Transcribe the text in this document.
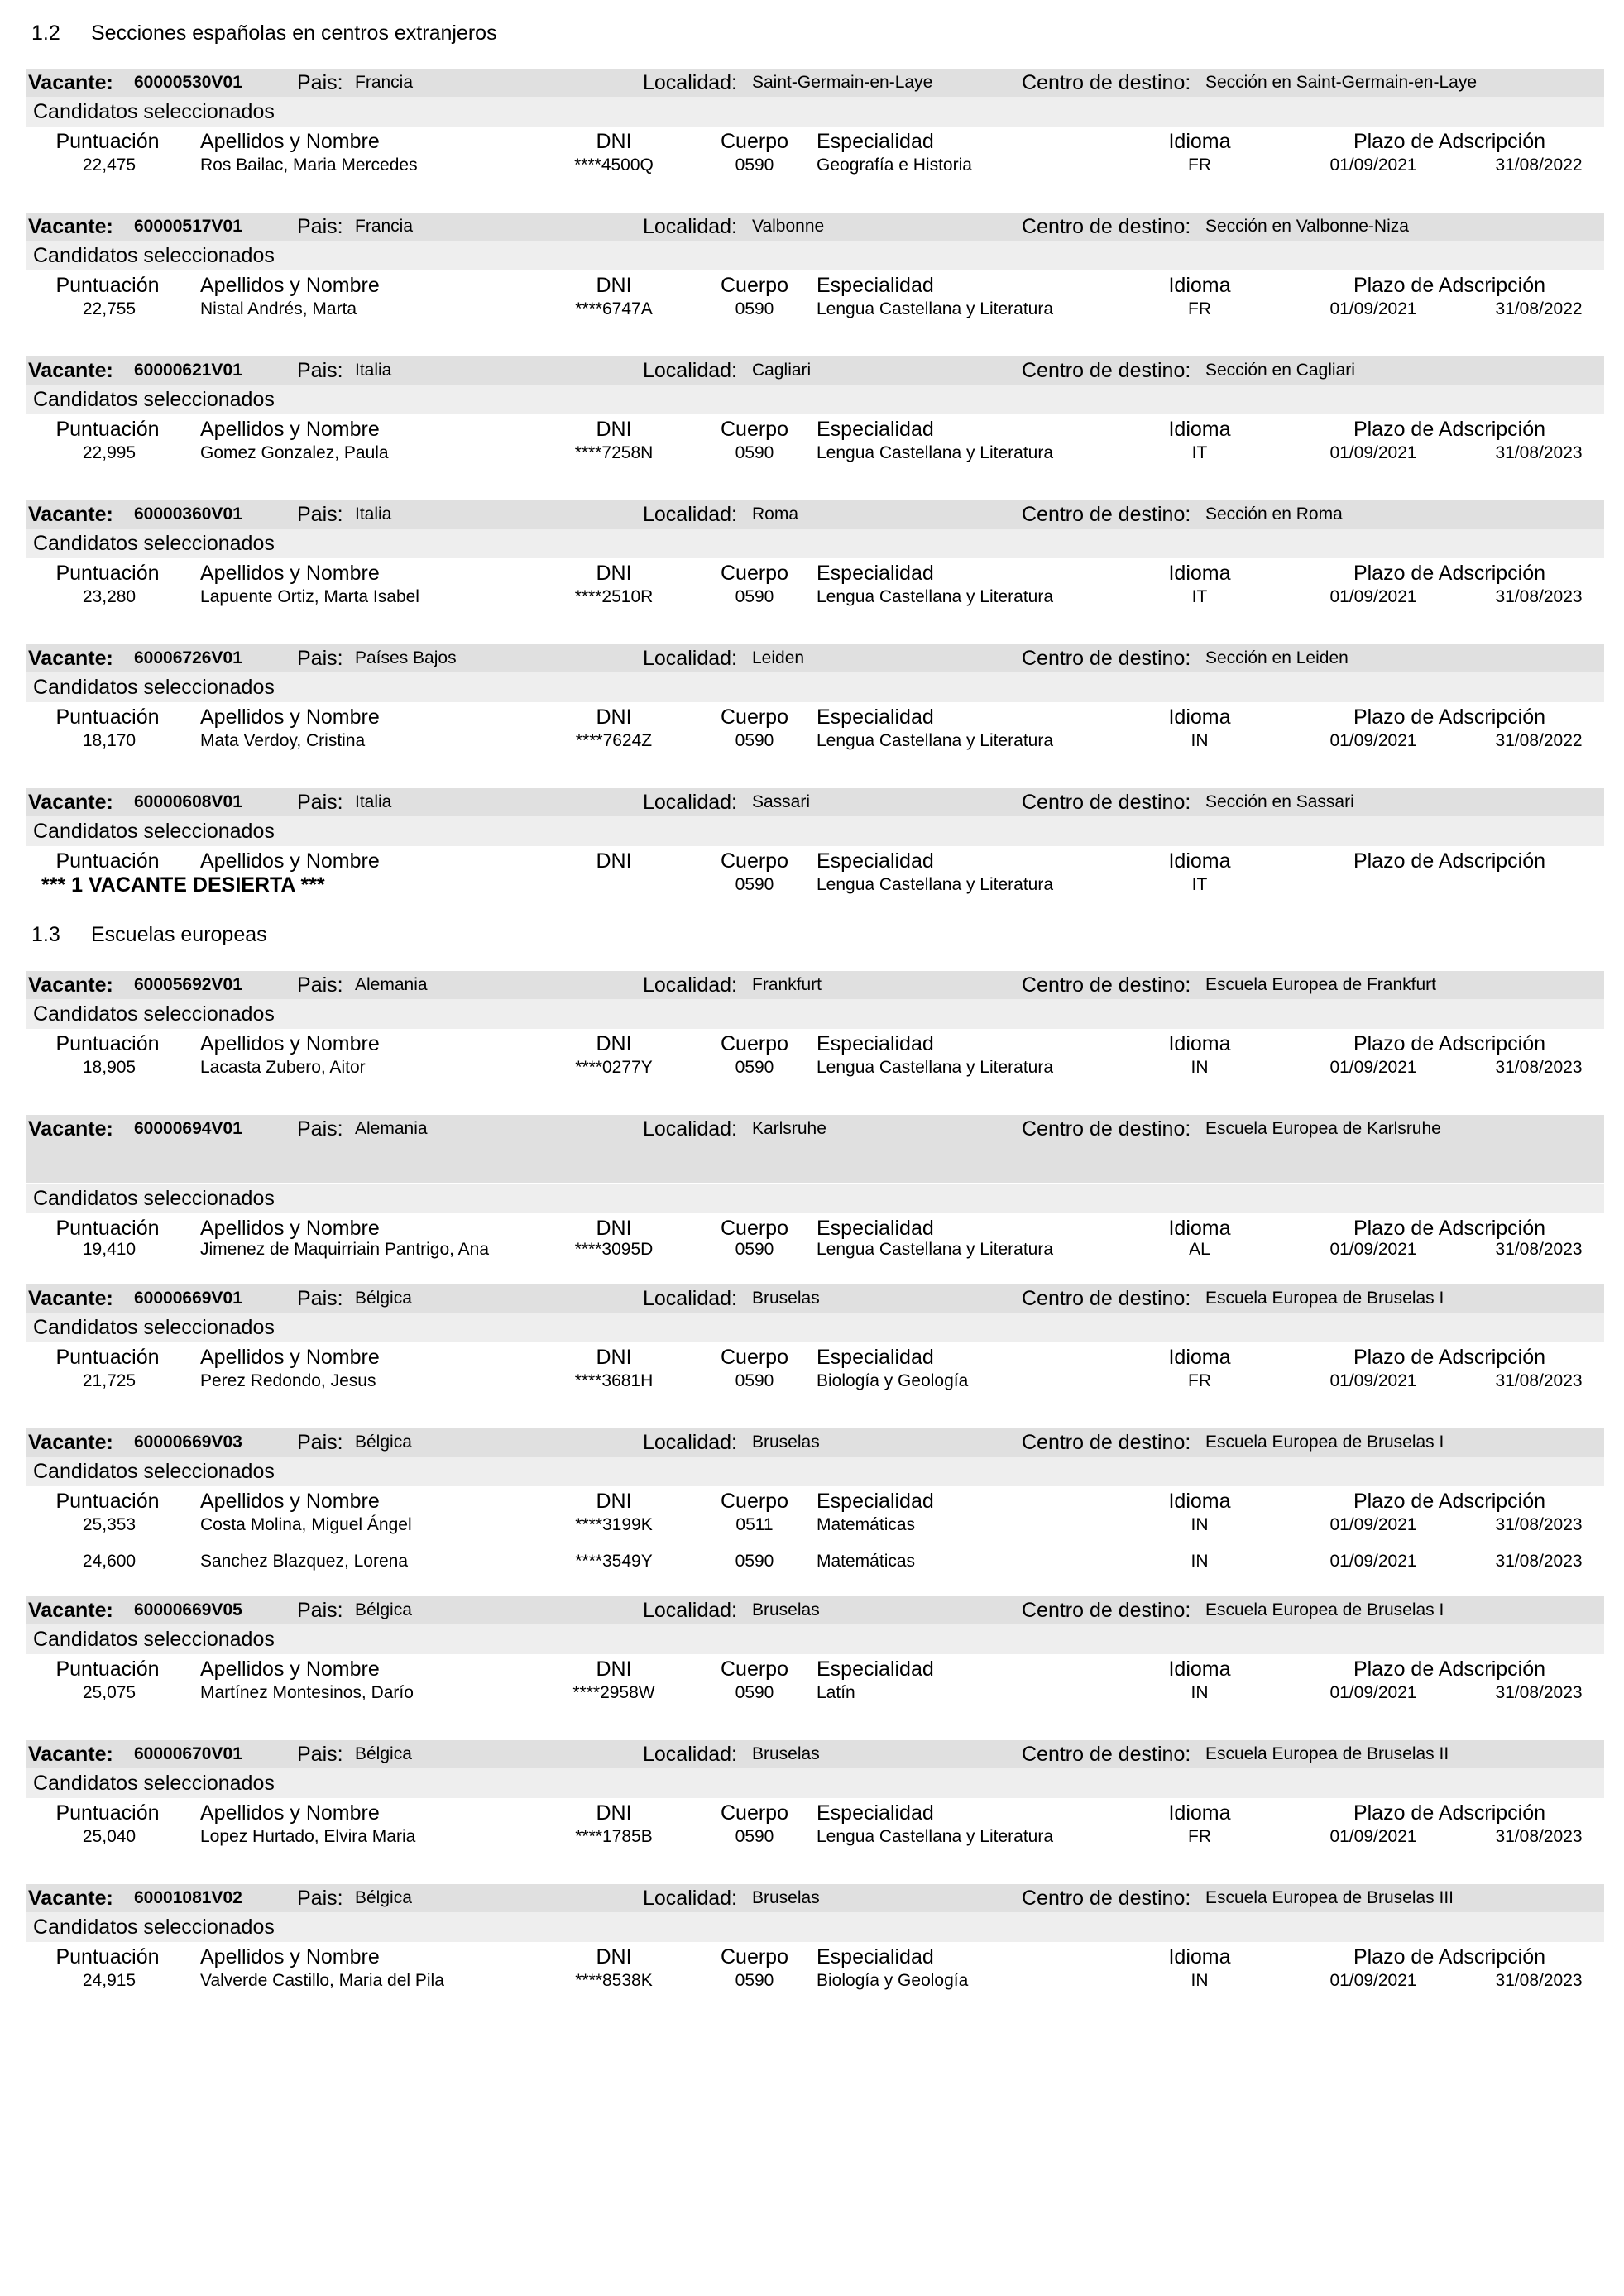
1.2 Secciones españolas en centros extranjeros
Vacante: 60000530V01	Pais: Francia	Localidad: Saint-Germain-en-Laye	Centro de destino: Sección en Saint-Germain-en-Laye
Candidatos seleccionados
Puntuación Apellidos y Nombre	DNI	Cuerpo Especialidad	Idioma	Plazo de Adscripción
22,475	Ros Bailac, Maria Mercedes	****4500Q	0590 Geografía e Historia	FR	01/09/2021	31/08/2022
Vacante: 60000517V01	Pais: Francia	Localidad: Valbonne	Centro de destino: Sección en Valbonne-Niza
Candidatos seleccionados
Puntuación Apellidos y Nombre	DNI	Cuerpo Especialidad	Idioma	Plazo de Adscripción
22,755	Nistal Andrés, Marta	****6747A	0590 Lengua Castellana y Literatura	FR	01/09/2021	31/08/2022
Vacante: 60000621V01	Pais: Italia	Localidad: Cagliari	Centro de destino: Sección en Cagliari
Candidatos seleccionados
Puntuación Apellidos y Nombre	DNI	Cuerpo Especialidad	Idioma	Plazo de Adscripción
22,995	Gomez Gonzalez, Paula	****7258N	0590 Lengua Castellana y Literatura	IT	01/09/2021	31/08/2023
Vacante: 60000360V01	Pais: Italia	Localidad: Roma	Centro de destino: Sección en Roma
Candidatos seleccionados
Puntuación Apellidos y Nombre	DNI	Cuerpo Especialidad	Idioma	Plazo de Adscripción
23,280	Lapuente Ortiz, Marta Isabel	****2510R	0590 Lengua Castellana y Literatura	IT	01/09/2021	31/08/2023
Vacante: 60006726V01	Pais: Países Bajos	Localidad: Leiden	Centro de destino: Sección en Leiden
Candidatos seleccionados
Puntuación Apellidos y Nombre	DNI	Cuerpo Especialidad	Idioma	Plazo de Adscripción
18,170	Mata Verdoy, Cristina	****7624Z	0590 Lengua Castellana y Literatura	IN	01/09/2021	31/08/2022
Vacante: 60000608V01	Pais: Italia	Localidad: Sassari	Centro de destino: Sección en Sassari
Candidatos seleccionados
Puntuación Apellidos y Nombre	DNI	Cuerpo Especialidad	Idioma	Plazo de Adscripción
*** 1 VACANTE DESIERTA ***	0590 Lengua Castellana y Literatura	IT
1.3 Escuelas europeas
Vacante: 60005692V01	Pais: Alemania	Localidad: Frankfurt	Centro de destino: Escuela Europea de Frankfurt
Candidatos seleccionados
Puntuación Apellidos y Nombre	DNI	Cuerpo Especialidad	Idioma	Plazo de Adscripción
18,905	Lacasta Zubero, Aitor	****0277Y	0590 Lengua Castellana y Literatura	IN	01/09/2021	31/08/2023
Vacante: 60000694V01	Pais: Alemania	Localidad: Karlsruhe	Centro de destino: Escuela Europea de Karlsruhe
Candidatos seleccionados
Puntuación Apellidos y Nombre	DNI	Cuerpo Especialidad	Idioma	Plazo de Adscripción
19,410	Jimenez de Maquirriain Pantrigo, Ana	****3095D	0590 Lengua Castellana y Literatura	AL	01/09/2021	31/08/2023
Vacante: 60000669V01	Pais: Bélgica	Localidad: Bruselas	Centro de destino: Escuela Europea de Bruselas I
Candidatos seleccionados
Puntuación Apellidos y Nombre	DNI	Cuerpo Especialidad	Idioma	Plazo de Adscripción
21,725	Perez Redondo, Jesus	****3681H	0590 Biología y Geología	FR	01/09/2021	31/08/2023
Vacante: 60000669V03	Pais: Bélgica	Localidad: Bruselas	Centro de destino: Escuela Europea de Bruselas I
Candidatos seleccionados
Puntuación Apellidos y Nombre	DNI	Cuerpo Especialidad	Idioma	Plazo de Adscripción
25,353	Costa Molina, Miguel Ángel	****3199K	0511 Matemáticas	IN	01/09/2021	31/08/2023
24,600	Sanchez Blazquez, Lorena	****3549Y	0590 Matemáticas	IN	01/09/2021	31/08/2023
Vacante: 60000669V05	Pais: Bélgica	Localidad: Bruselas	Centro de destino: Escuela Europea de Bruselas I
Candidatos seleccionados
Puntuación Apellidos y Nombre	DNI	Cuerpo Especialidad	Idioma	Plazo de Adscripción
25,075	Martínez Montesinos, Darío	****2958W	0590 Latín	IN	01/09/2021	31/08/2023
Vacante: 60000670V01	Pais: Bélgica	Localidad: Bruselas	Centro de destino: Escuela Europea de Bruselas II
Candidatos seleccionados
Puntuación Apellidos y Nombre	DNI	Cuerpo Especialidad	Idioma	Plazo de Adscripción
25,040	Lopez Hurtado, Elvira Maria	****1785B	0590 Lengua Castellana y Literatura	FR	01/09/2021	31/08/2023
Vacante: 60001081V02	Pais: Bélgica	Localidad: Bruselas	Centro de destino: Escuela Europea de Bruselas III
Candidatos seleccionados
Puntuación Apellidos y Nombre	DNI	Cuerpo Especialidad	Idioma	Plazo de Adscripción
24,915	Valverde Castillo, Maria del Pila	****8538K	0590 Biología y Geología	IN	01/09/2021	31/08/2023
